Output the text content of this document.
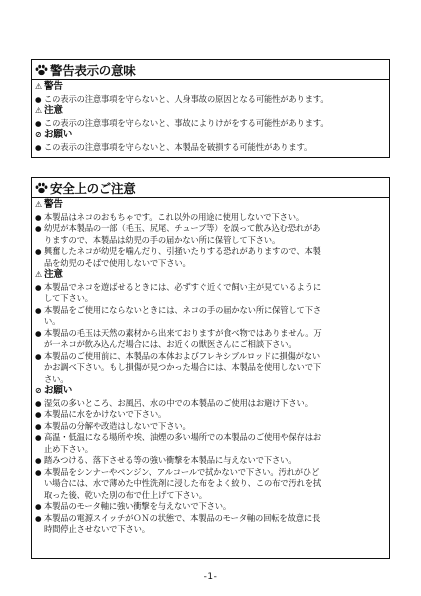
警告表示の意味
⚠ 警告
● この表示の注意事項を守らないと、人身事故の原因となる可能性があります。
⚠ 注意
● この表示の注意事項を守らないと、事故によりけがをする可能性があります。
⊘ お願い
● この表示の注意事項を守らないと、本製品を破損する可能性があります。
安全上のご注意
⚠ 警告
● 本製品はネコのおもちゃです。これ以外の用途に使用しないで下さい。
● 幼児が本製品の一部（毛玉、尻尾、チューブ等）を誤って飲み込む恐れがあ
りますので、本製品は幼児の手の届かない所に保管して下さい。
● 興奮したネコが幼児を噛んだり、引掻いたりする恐れがありますので、本製
品を幼児のそばで使用しないで下さい。
⚠ 注意
● 本製品でネコを遊ばせるときには、必ずすぐ近くで飼い主が見ているように
して下さい。
● 本製品をご使用にならないときには、ネコの手の届かない所に保管して下さ
い。
● 本製品の毛玉は天然の素材から出来ておりますが食べ物ではありません。万
が一ネコが飲み込んだ場合には、お近くの獣医さんにご相談下さい。
● 本製品のご使用前に、本製品の本体およびフレキシブルロッドに損傷がない
かお調べ下さい。もし損傷が見つかった場合には、本製品を使用しないで下
さい。
⊘ お願い
● 湿気の多いところ、お風呂、水の中での本製品のご使用はお避け下さい。
● 本製品に水をかけないで下さい。
● 本製品の分解や改造はしないで下さい。
● 高温・低温になる場所や埃、油煙の多い場所での本製品のご使用や保存はお
止め下さい。
● 踏みつける、落下させる等の強い衝撃を本製品に与えないで下さい。
● 本製品をシンナーやベンジン、アルコールで拭かないで下さい。汚れがひど
い場合には、水で薄めた中性洗剤に浸した布をよく絞り、この布で汚れを拭
取った後、乾いた別の布で仕上げて下さい。
● 本製品のモータ軸に強い衝撃を与えないで下さい。
● 本製品の電源スイッチがＯＮの状態で、本製品のモータ軸の回転を故意に長
時間停止させないで下さい。
-1-
